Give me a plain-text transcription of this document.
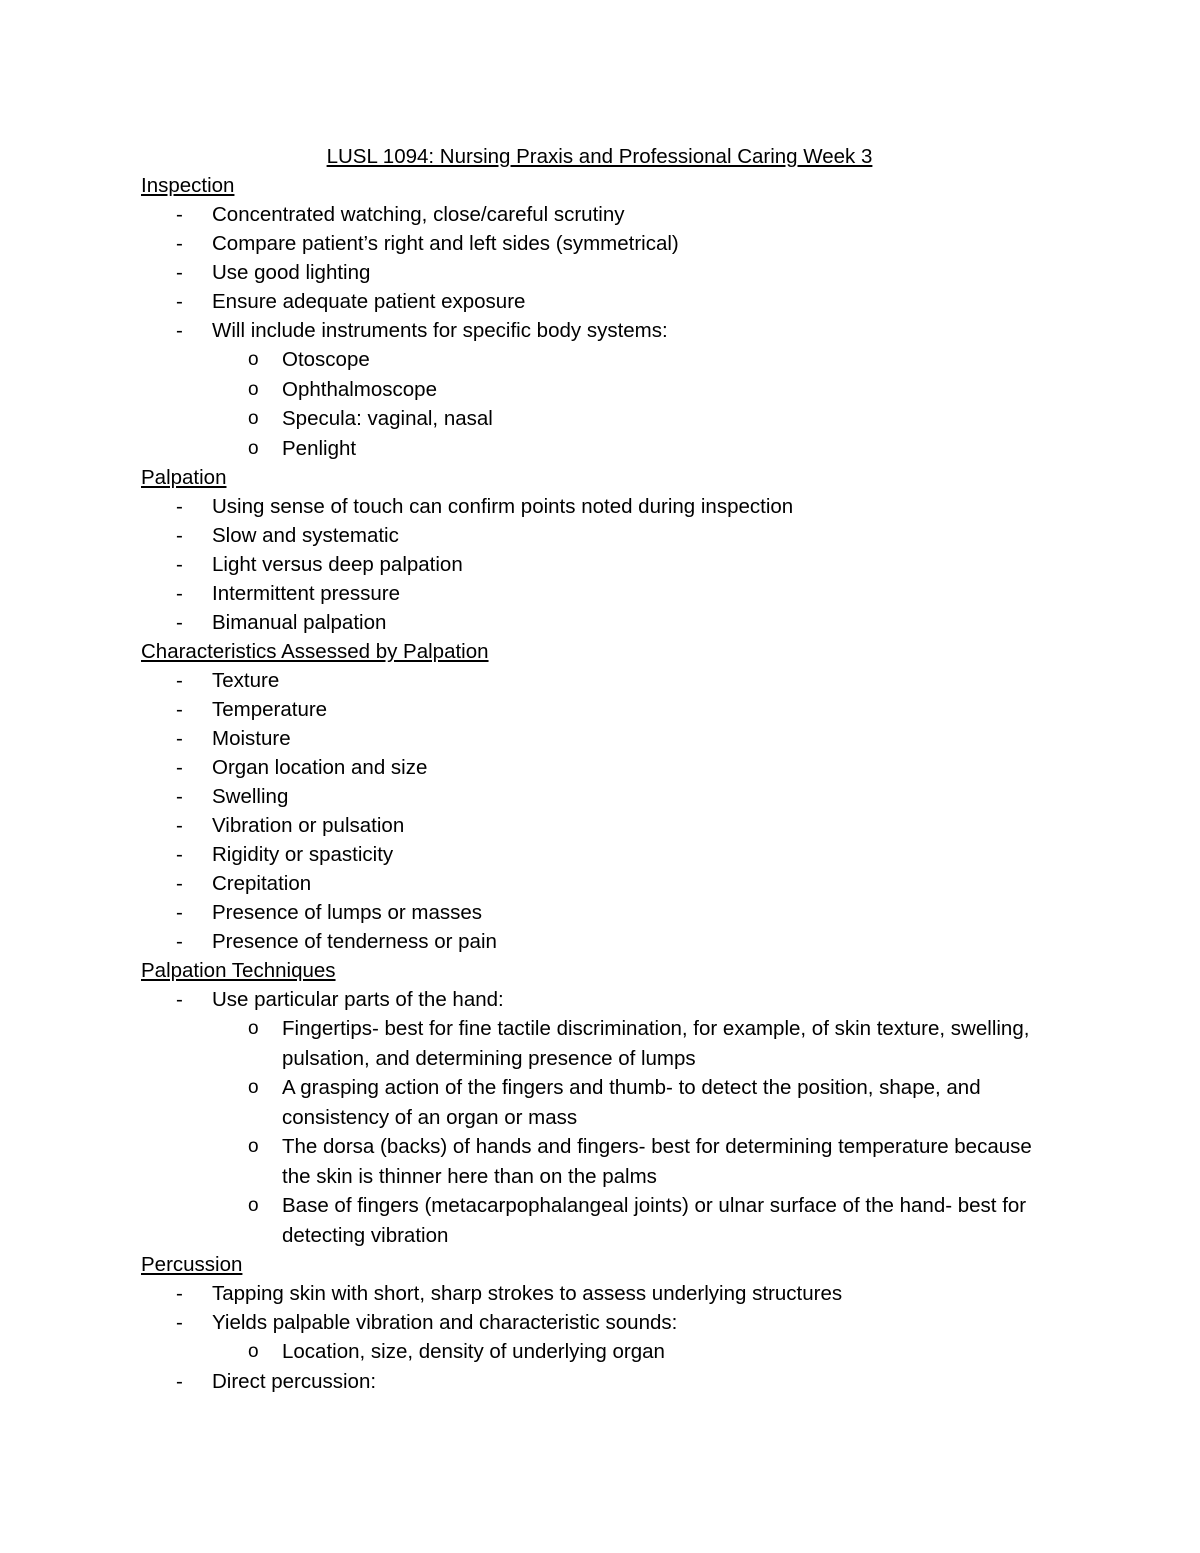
LUSL 1094: Nursing Praxis and Professional Caring Week 3
Inspection
- Concentrated watching, close/careful scrutiny
- Compare patient’s right and left sides (symmetrical)
- Use good lighting
- Ensure adequate patient exposure
- Will include instruments for specific body systems:
o Otoscope
o Ophthalmoscope
o Specula: vaginal, nasal
o Penlight
Palpation
- Using sense of touch can confirm points noted during inspection
- Slow and systematic
- Light versus deep palpation
- Intermittent pressure
- Bimanual palpation
Characteristics Assessed by Palpation
- Texture
- Temperature
- Moisture
- Organ location and size
- Swelling
- Vibration or pulsation
- Rigidity or spasticity
- Crepitation
- Presence of lumps or masses
- Presence of tenderness or pain
Palpation Techniques
- Use particular parts of the hand:
o Fingertips- best for fine tactile discrimination, for example, of skin texture, swelling, pulsation, and determining presence of lumps
o A grasping action of the fingers and thumb- to detect the position, shape, and consistency of an organ or mass
o The dorsa (backs) of hands and fingers- best for determining temperature because the skin is thinner here than on the palms
o Base of fingers (metacarpophalangeal joints) or ulnar surface of the hand- best for detecting vibration
Percussion
- Tapping skin with short, sharp strokes to assess underlying structures
- Yields palpable vibration and characteristic sounds:
o Location, size, density of underlying organ
- Direct percussion:
